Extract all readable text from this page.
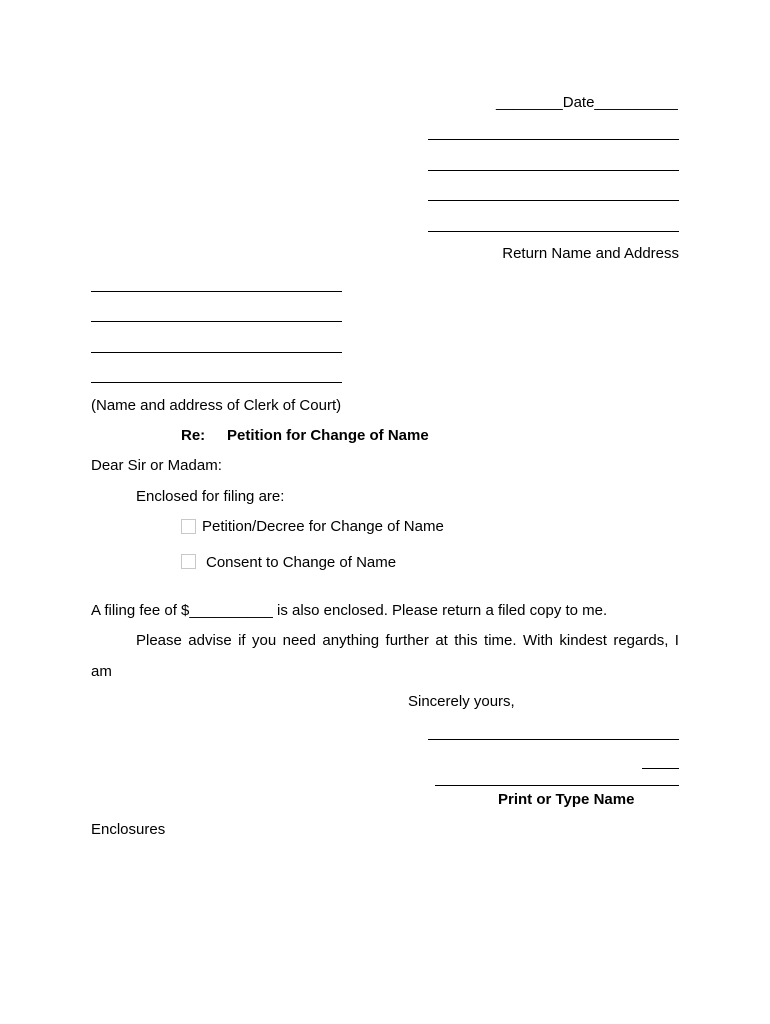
________Date__________
Return Name and Address
(Name and address of Clerk of Court)
Re: Petition for Change of Name
Dear Sir or Madam:
Enclosed for filing are:
Petition/Decree for Change of Name
Consent to Change of Name
A filing fee of $__________ is also enclosed. Please return a filed copy to me.
Please advise if you need anything further at this time. With kindest regards, I
am
Sincerely yours,
Print or Type Name
Enclosures
